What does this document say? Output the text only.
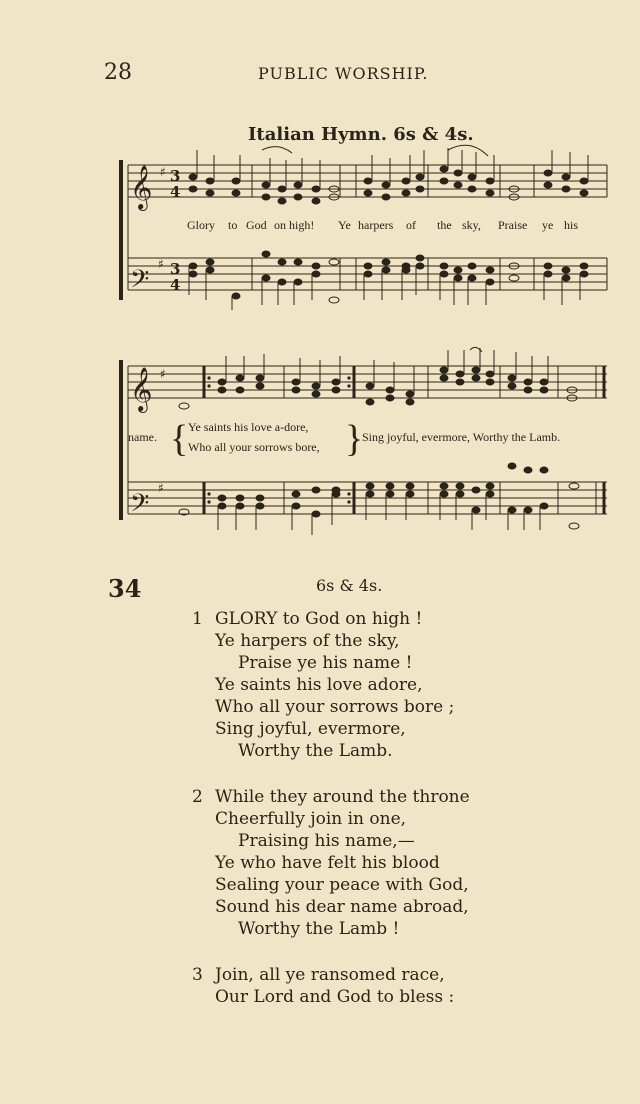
28	PUBLIC WORSHIP.
Italian Hymn. 6s & 4s.
𝄞
𝄢
♯
♯
3
4
3
4
Glory to God on high! Ye harpers of the sky, Praise ye his
𝄞
𝄢
♯
♯
name. { Ye saints his love a-dore,
Who all your sorrows bore, }
Sing joyful, evermore, Worthy the Lamb.
34	6s & 4s.
1 GLORY to God on high !
Ye harpers of the sky,
Praise ye his name !
Ye saints his love adore,
Who all your sorrows bore ;
Sing joyful, evermore,
Worthy the Lamb.
2 While they around the throne
Cheerfully join in one,
Praising his name,—
Ye who have felt his blood
Sealing your peace with God,
Sound his dear name abroad,
Worthy the Lamb !
3 Join, all ye ransomed race,
Our Lord and God to bless :
